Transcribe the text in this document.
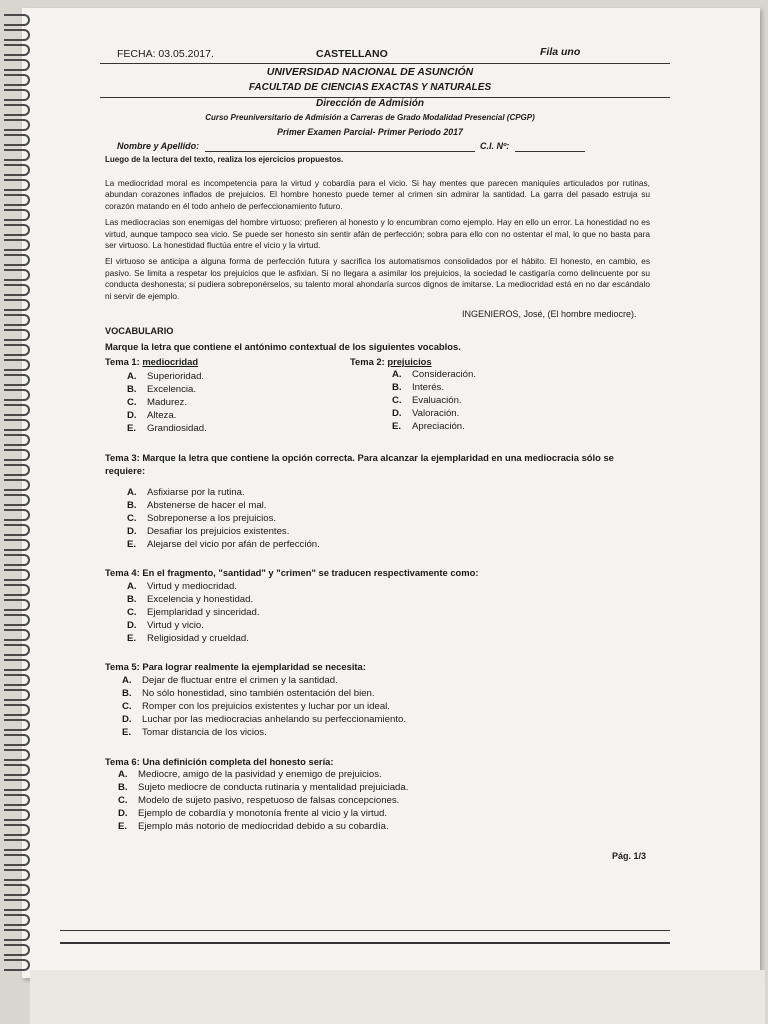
FECHA: 03.05.2017.	CASTELLANO	Fila uno
UNIVERSIDAD NACIONAL DE ASUNCIÓN
FACULTAD DE CIENCIAS EXACTAS Y NATURALES
Dirección de Admisión
Curso Preuniversitario de Admisión a Carreras de Grado Modalidad Presencial (CPGP)
Primer Examen Parcial- Primer Periodo 2017
Nombre y Apellido:	C.I. Nº:
Luego de la lectura del texto, realiza los ejercicios propuestos.

La mediocridad moral es incompetencia para la virtud y cobardía para el vicio. Si hay mentes que parecen maniquíes articulados por rutinas, abundan corazones inflados de prejuicios. El hombre honesto puede temer al crimen sin admirar la santidad. La garra del pasado estruja su corazón matando en él todo anhelo de perfeccionamiento futuro.

Las mediocracias son enemigas del hombre virtuoso: prefieren al honesto y lo encumbran como ejemplo. Hay en ello un error. La honestidad no es virtud, aunque tampoco sea vicio. Se puede ser honesto sin sentir afán de perfección; sobra para ello con no ostentar el mal, lo que no basta para ser virtuoso. La honestidad fluctúa entre el vicio y la virtud.

El virtuoso se anticipa a alguna forma de perfección futura y sacrifica los automatismos consolidados por el hábito. El honesto, en cambio, es pasivo. Se limita a respetar los prejuicios que le asfixian. Si no llegara a asimilar los prejuicios, la sociedad le castigaría como delincuente por su conducta deshonesta; si pudiera sobreponérselos, su talento moral ahondaría surcos dignos de imitarse. La mediocridad está en no dar escándalo ni servir de ejemplo.

INGENIEROS, José, (El hombre mediocre).
VOCABULARIO
Marque la letra que contiene el antónimo contextual de los siguientes vocablos.
Tema 1: mediocridad	Tema 2: prejuicios
A. Superioridad.
B. Excelencia.
C. Madurez.
D. Alteza.
E. Grandiosidad.
A. Consideración.
B. Interés.
C. Evaluación.
D. Valoración.
E. Apreciación.
Tema 3: Marque la letra que contiene la opción correcta. Para alcanzar la ejemplaridad en una mediocracia sólo se requiere:
A. Asfixiarse por la rutina.
B. Abstenerse de hacer el mal.
C. Sobreponerse a los prejuicios.
D. Desafiar los prejuicios existentes.
E. Alejarse del vicio por afán de perfección.
Tema 4: En el fragmento, "santidad" y "crimen" se traducen respectivamente como:
A. Virtud y mediocridad.
B. Excelencia y honestidad.
C. Ejemplaridad y sinceridad.
D. Virtud y vicio.
E. Religiosidad y crueldad.
Tema 5: Para lograr realmente la ejemplaridad se necesita:
A. Dejar de fluctuar entre el crimen y la santidad.
B. No sólo honestidad, sino también ostentación del bien.
C. Romper con los prejuicios existentes y luchar por un ideal.
D. Luchar por las mediocracias anhelando su perfeccionamiento.
E. Tomar distancia de los vicios.
Tema 6: Una definición completa del honesto sería:
A. Mediocre, amigo de la pasividad y enemigo de prejuicios.
B. Sujeto mediocre de conducta rutinaria y mentalidad prejuiciada.
C. Modelo de sujeto pasivo, respetuoso de falsas concepciones.
D. Ejemplo de cobardía y monotonía frente al vicio y la virtud.
E. Ejemplo más notorio de mediocridad debido a su cobardía.
Pág. 1/3
